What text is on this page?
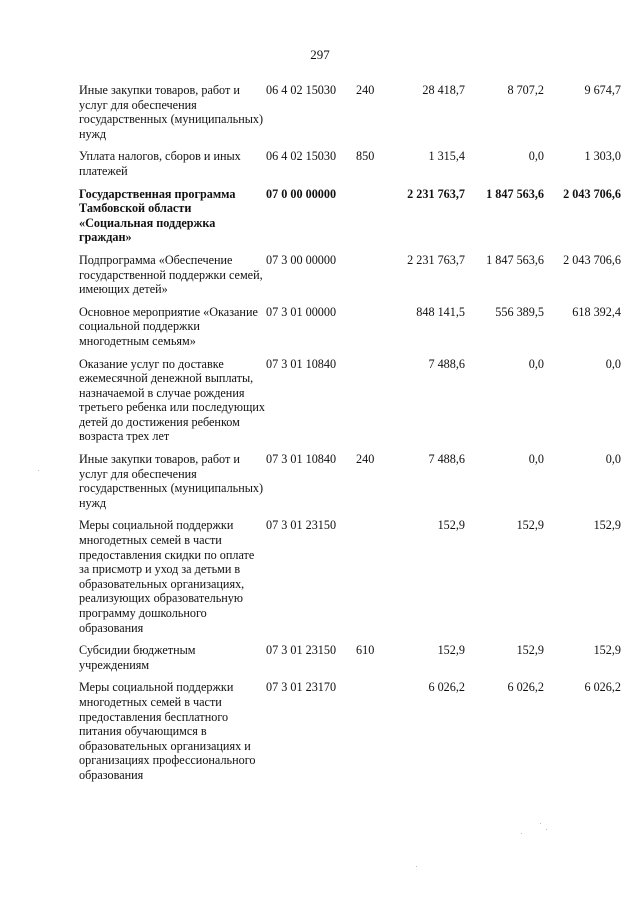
297
Иные закупки товаров, работ и услуг для обеспечения государственных (муниципальных) нужд	06 4 02 15030	240	28 418,7	8 707,2	9 674,7
Уплата налогов, сборов и иных платежей	06 4 02 15030	850	1 315,4	0,0	1 303,0
Государственная программа Тамбовской области «Социальная поддержка граждан»	07 0 00 00000		2 231 763,7	1 847 563,6	2 043 706,6
Подпрограмма «Обеспечение государственной поддержки семей, имеющих детей»	07 3 00 00000		2 231 763,7	1 847 563,6	2 043 706,6
Основное мероприятие «Оказание социальной поддержки многодетным семьям»	07 3 01 00000		848 141,5	556 389,5	618 392,4
Оказание услуг по доставке ежемесячной денежной выплаты, назначаемой в случае рождения третьего ребенка или последующих детей до достижения ребенком возраста трех лет	07 3 01 10840		7 488,6	0,0	0,0
Иные закупки товаров, работ и услуг для обеспечения государственных (муниципальных) нужд	07 3 01 10840	240	7 488,6	0,0	0,0
Меры социальной поддержки многодетных семей в части предоставления скидки по оплате за присмотр и уход за детьми в образовательных организациях, реализующих образовательную программу дошкольного образования	07 3 01 23150		152,9	152,9	152,9
Субсидии бюджетным учреждениям	07 3 01 23150	610	152,9	152,9	152,9
Меры социальной поддержки многодетных семей в части предоставления бесплатного питания обучающимся в образовательных организациях и организациях профессионального образования	07 3 01 23170		6 026,2	6 026,2	6 026,2
